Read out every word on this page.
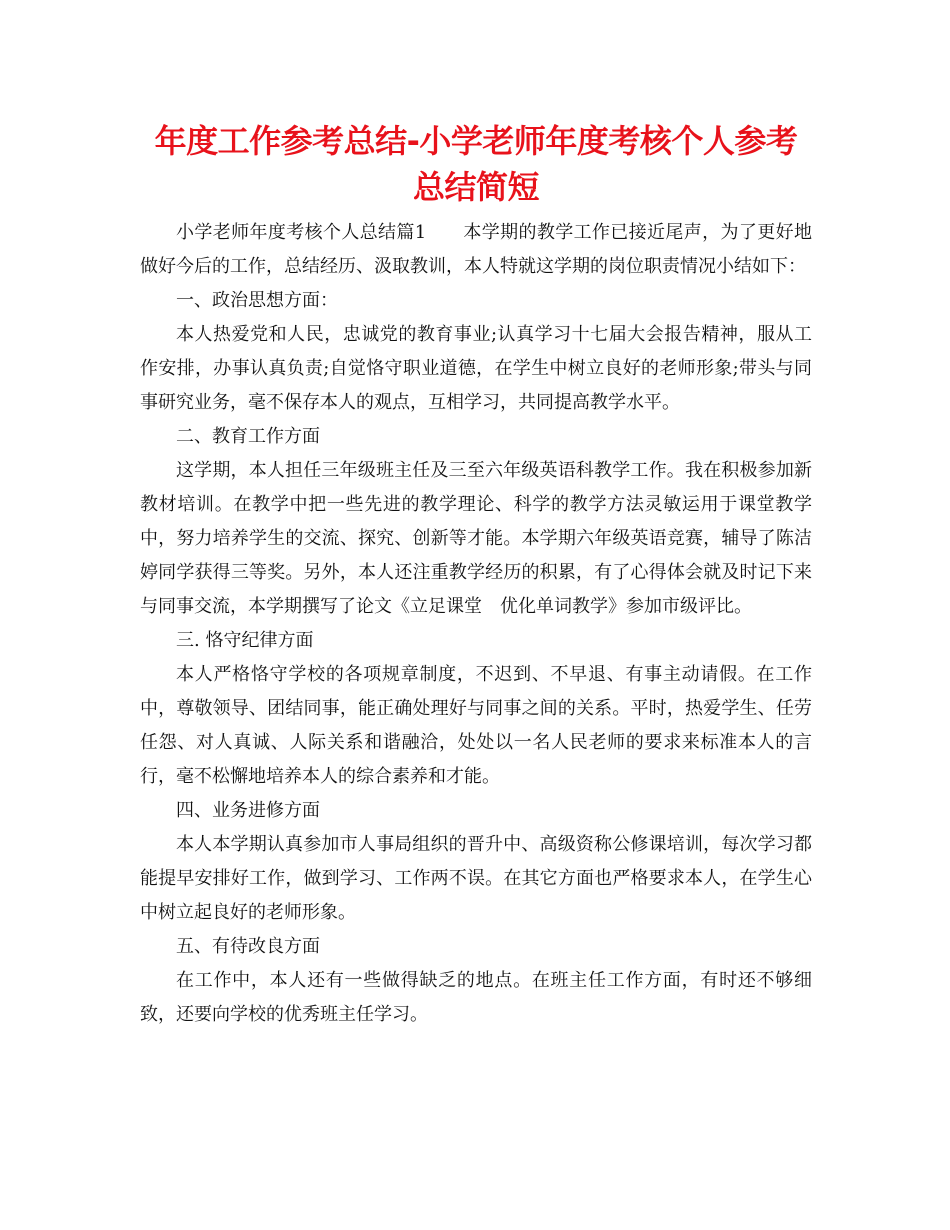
年度工作参考总结-小学老师年度考核个人参考总结简短

小学老师年度考核个人总结篇1　　本学期的教学工作已接近尾声，为了更好地做好今后的工作，总结经历、汲取教训，本人特就这学期的岗位职责情况小结如下：

一、政治思想方面：

本人热爱党和人民，忠诚党的教育事业;认真学习十七届大会报告精神，服从工作安排，办事认真负责;自觉恪守职业道德，在学生中树立良好的老师形象;带头与同事研究业务，毫不保存本人的观点，互相学习，共同提高教学水平。

二、教育工作方面

这学期，本人担任三年级班主任及三至六年级英语科教学工作。我在积极参加新教材培训。在教学中把一些先进的教学理论、科学的教学方法灵敏运用于课堂教学中，努力培养学生的交流、探究、创新等才能。本学期六年级英语竞赛，辅导了陈洁婷同学获得三等奖。另外，本人还注重教学经历的积累，有了心得体会就及时记下来与同事交流，本学期撰写了论文《立足课堂　优化单词教学》参加市级评比。

三. 恪守纪律方面

本人严格恪守学校的各项规章制度，不迟到、不早退、有事主动请假。在工作中，尊敬领导、团结同事，能正确处理好与同事之间的关系。平时，热爱学生、任劳任怨、对人真诚、人际关系和谐融洽，处处以一名人民老师的要求来标准本人的言行，毫不松懈地培养本人的综合素养和才能。

四、业务进修方面

本人本学期认真参加市人事局组织的晋升中、高级资称公修课培训，每次学习都能提早安排好工作，做到学习、工作两不误。在其它方面也严格要求本人，在学生心中树立起良好的老师形象。

五、有待改良方面

在工作中，本人还有一些做得缺乏的地点。在班主任工作方面，有时还不够细致，还要向学校的优秀班主任学习。
